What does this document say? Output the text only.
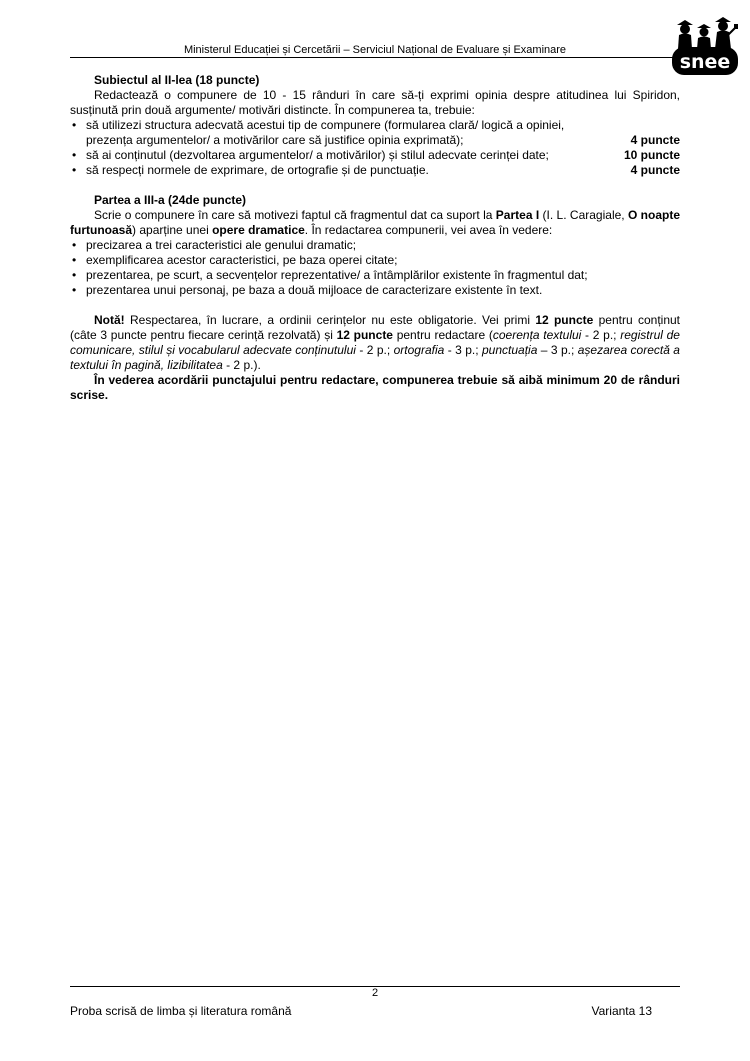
Ministerul Educației și Cercetării – Serviciul Național de Evaluare și Examinare
snee

Subiectul al II-lea (18 puncte)

Redactează o compunere de 10 - 15 rânduri în care să-ți exprimi opinia despre atitudinea lui Spiridon, susținută prin două argumente/ motivări distincte. În compunerea ta, trebuie:

• să utilizezi structura adecvată acestui tip de compunere (formularea clară/ logică a opiniei,
prezența argumentelor/ a motivărilor care să justifice opinia exprimată);	4 puncte
• să ai conținutul (dezvoltarea argumentelor/ a motivărilor) și stilul adecvate cerinței date;	10 puncte
• să respecți normele de exprimare, de ortografie și de punctuație.	4 puncte

Partea a III-a (24de puncte)

Scrie o compunere în care să motivezi faptul că fragmentul dat ca suport la Partea I (I. L. Caragiale, O noapte furtunoasă) aparține unei opere dramatice. În redactarea compunerii, vei avea în vedere:

• precizarea a trei caracteristici ale genului dramatic;
• exemplificarea acestor caracteristici, pe baza operei citate;
• prezentarea, pe scurt, a secvențelor reprezentative/ a întâmplărilor existente în fragmentul dat;
• prezentarea unui personaj, pe baza a două mijloace de caracterizare existente în text.

Notă! Respectarea, în lucrare, a ordinii cerințelor nu este obligatorie. Vei primi 12 puncte pentru conținut (câte 3 puncte pentru fiecare cerință rezolvată) și 12 puncte pentru redactare (coerența textului - 2 p.; registrul de comunicare, stilul și vocabularul adecvate conținutului - 2 p.; ortografia - 3 p.; punctuația – 3 p.; așezarea corectă a textului în pagină, lizibilitatea - 2 p.).

În vederea acordării punctajului pentru redactare, compunerea trebuie să aibă minimum 20 de rânduri scrise.

2
Proba scrisă de limba și literatura română	Varianta 13
